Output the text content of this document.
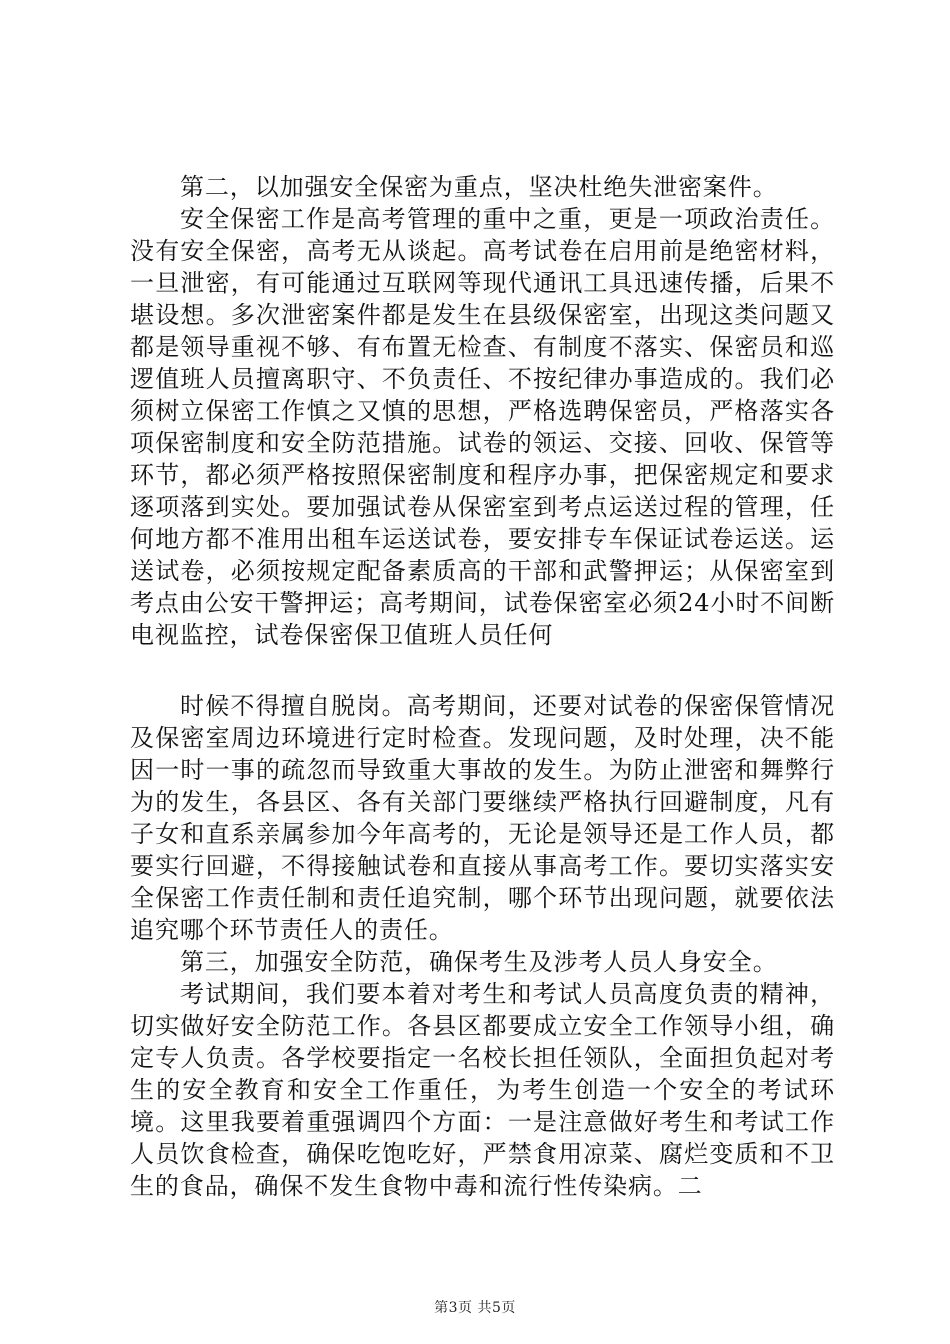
第二，以加强安全保密为重点，坚决杜绝失泄密案件。

安全保密工作是高考管理的重中之重，更是一项政治责任。没有安全保密，高考无从谈起。高考试卷在启用前是绝密材料，一旦泄密，有可能通过互联网等现代通讯工具迅速传播，后果不堪设想。多次泄密案件都是发生在县级保密室，出现这类问题又都是领导重视不够、有布置无检查、有制度不落实、保密员和巡逻值班人员擅离职守、不负责任、不按纪律办事造成的。我们必须树立保密工作慎之又慎的思想，严格选聘保密员，严格落实各项保密制度和安全防范措施。试卷的领运、交接、回收、保管等环节，都必须严格按照保密制度和程序办事，把保密规定和要求逐项落到实处。要加强试卷从保密室到考点运送过程的管理，任何地方都不准用出租车运送试卷，要安排专车保证试卷运送。运送试卷，必须按规定配备素质高的干部和武警押运；从保密室到考点由公安干警押运；高考期间，试卷保密室必须24小时不间断电视监控，试卷保密保卫值班人员任何

时候不得擅自脱岗。高考期间，还要对试卷的保密保管情况及保密室周边环境进行定时检查。发现问题，及时处理，决不能因一时一事的疏忽而导致重大事故的发生。为防止泄密和舞弊行为的发生，各县区、各有关部门要继续严格执行回避制度，凡有子女和直系亲属参加今年高考的，无论是领导还是工作人员，都要实行回避，不得接触试卷和直接从事高考工作。要切实落实安全保密工作责任制和责任追究制，哪个环节出现问题，就要依法追究哪个环节责任人的责任。

第三，加强安全防范，确保考生及涉考人员人身安全。

考试期间，我们要本着对考生和考试人员高度负责的精神，切实做好安全防范工作。各县区都要成立安全工作领导小组，确定专人负责。各学校要指定一名校长担任领队，全面担负起对考生的安全教育和安全工作重任，为考生创造一个安全的考试环境。这里我要着重强调四个方面：一是注意做好考生和考试工作人员饮食检查，确保吃饱吃好，严禁食用凉菜、腐烂变质和不卫生的食品，确保不发生食物中毒和流行性传染病。二

第3页 共5页
